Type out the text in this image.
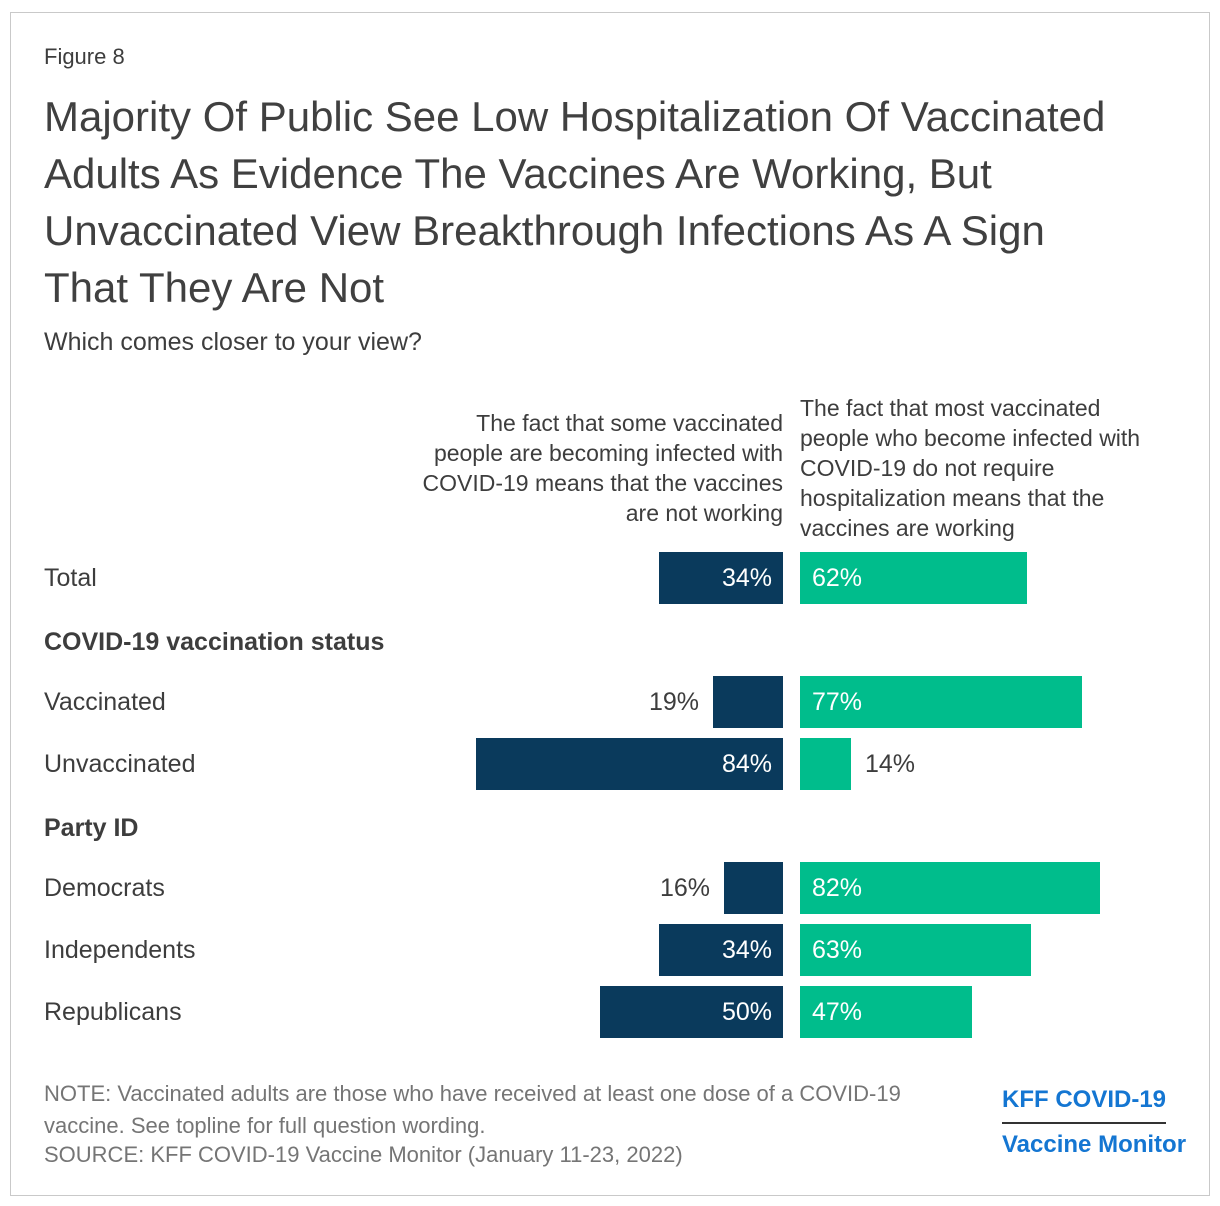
Figure 8
Majority Of Public See Low Hospitalization Of Vaccinated Adults As Evidence The Vaccines Are Working, But Unvaccinated View Breakthrough Infections As A Sign That They Are Not
Which comes closer to your view?
The fact that some vaccinated people are becoming infected with COVID-19 means that the vaccines are not working
The fact that most vaccinated people who become infected with COVID-19 do not require hospitalization means that the vaccines are working
Total	34%	62%
COVID-19 vaccination status
Vaccinated	19%	77%
Unvaccinated	84%	14%
Party ID
Democrats	16%	82%
Independents	34%	63%
Republicans	50%	47%
NOTE: Vaccinated adults are those who have received at least one dose of a COVID-19 vaccine. See topline for full question wording.
SOURCE: KFF COVID-19 Vaccine Monitor (January 11-23, 2022)
KFF COVID-19
Vaccine Monitor
